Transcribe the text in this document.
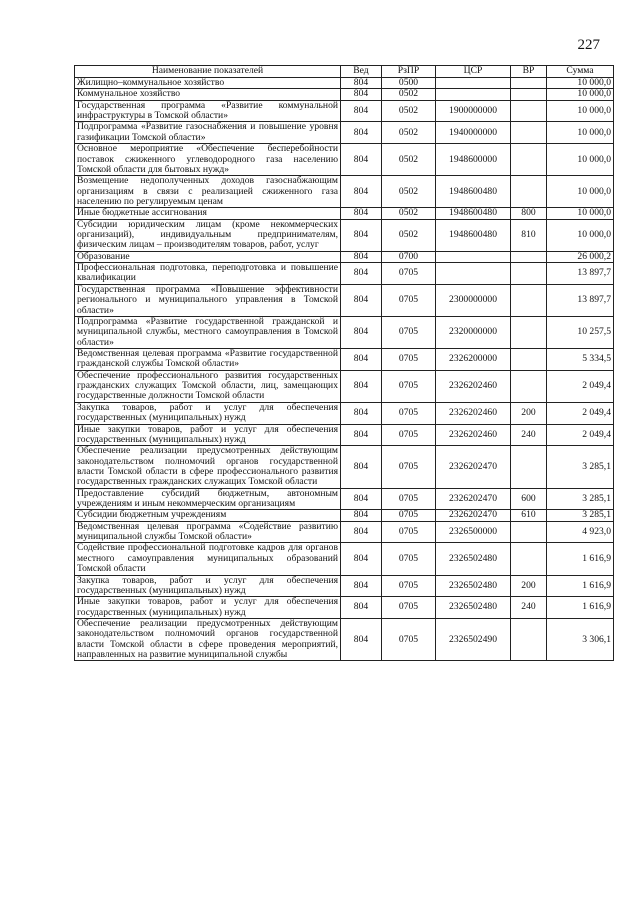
227
Наименование показателей	Вед	РзПР	ЦСР	ВР	Сумма
Жилищно–коммунальное хозяйство	804	0500			10 000,0
Коммунальное хозяйство	804	0502			10 000,0
Государственная программа «Развитие коммунальной инфраструктуры в Томской области»	804	0502	1900000000		10 000,0
Подпрограмма «Развитие газоснабжения и повышение уровня газификации Томской области»	804	0502	1940000000		10 000,0
Основное мероприятие «Обеспечение бесперебойности поставок сжиженного углеводородного газа населению Томской области для бытовых нужд»	804	0502	1948600000		10 000,0
Возмещение недополученных доходов газоснабжающим организациям в связи с реализацией сжиженного газа населению по регулируемым ценам	804	0502	1948600480		10 000,0
Иные бюджетные ассигнования	804	0502	1948600480	800	10 000,0
Субсидии юридическим лицам (кроме некоммерческих организаций), индивидуальным предпринимателям, физическим лицам – производителям товаров, работ, услуг	804	0502	1948600480	810	10 000,0
Образование	804	0700			26 000,2
Профессиональная подготовка, переподготовка и повышение квалификации	804	0705			13 897,7
Государственная программа «Повышение эффективности регионального и муниципального управления в Томской области»	804	0705	2300000000		13 897,7
Подпрограмма «Развитие государственной гражданской и муниципальной службы, местного самоуправления в Томской области»	804	0705	2320000000		10 257,5
Ведомственная целевая программа «Развитие государственной гражданской службы Томской области»	804	0705	2326200000		5 334,5
Обеспечение профессионального развития государственных гражданских служащих Томской области, лиц, замещающих государственные должности Томской области	804	0705	2326202460		2 049,4
Закупка товаров, работ и услуг для обеспечения государственных (муниципальных) нужд	804	0705	2326202460	200	2 049,4
Иные закупки товаров, работ и услуг для обеспечения государственных (муниципальных) нужд	804	0705	2326202460	240	2 049,4
Обеспечение реализации предусмотренных действующим законодательством полномочий органов государственной власти Томской области в сфере профессионального развития государственных гражданских служащих Томской области	804	0705	2326202470		3 285,1
Предоставление субсидий бюджетным, автономным учреждениям и иным некоммерческим организациям	804	0705	2326202470	600	3 285,1
Субсидии бюджетным учреждениям	804	0705	2326202470	610	3 285,1
Ведомственная целевая программа «Содействие развитию муниципальной службы Томской области»	804	0705	2326500000		4 923,0
Содействие профессиональной подготовке кадров для органов местного самоуправления муниципальных образований Томской области	804	0705	2326502480		1 616,9
Закупка товаров, работ и услуг для обеспечения государственных (муниципальных) нужд	804	0705	2326502480	200	1 616,9
Иные закупки товаров, работ и услуг для обеспечения государственных (муниципальных) нужд	804	0705	2326502480	240	1 616,9
Обеспечение реализации предусмотренных действующим законодательством полномочий органов государственной власти Томской области в сфере проведения мероприятий, направленных на развитие муниципальной службы	804	0705	2326502490		3 306,1
